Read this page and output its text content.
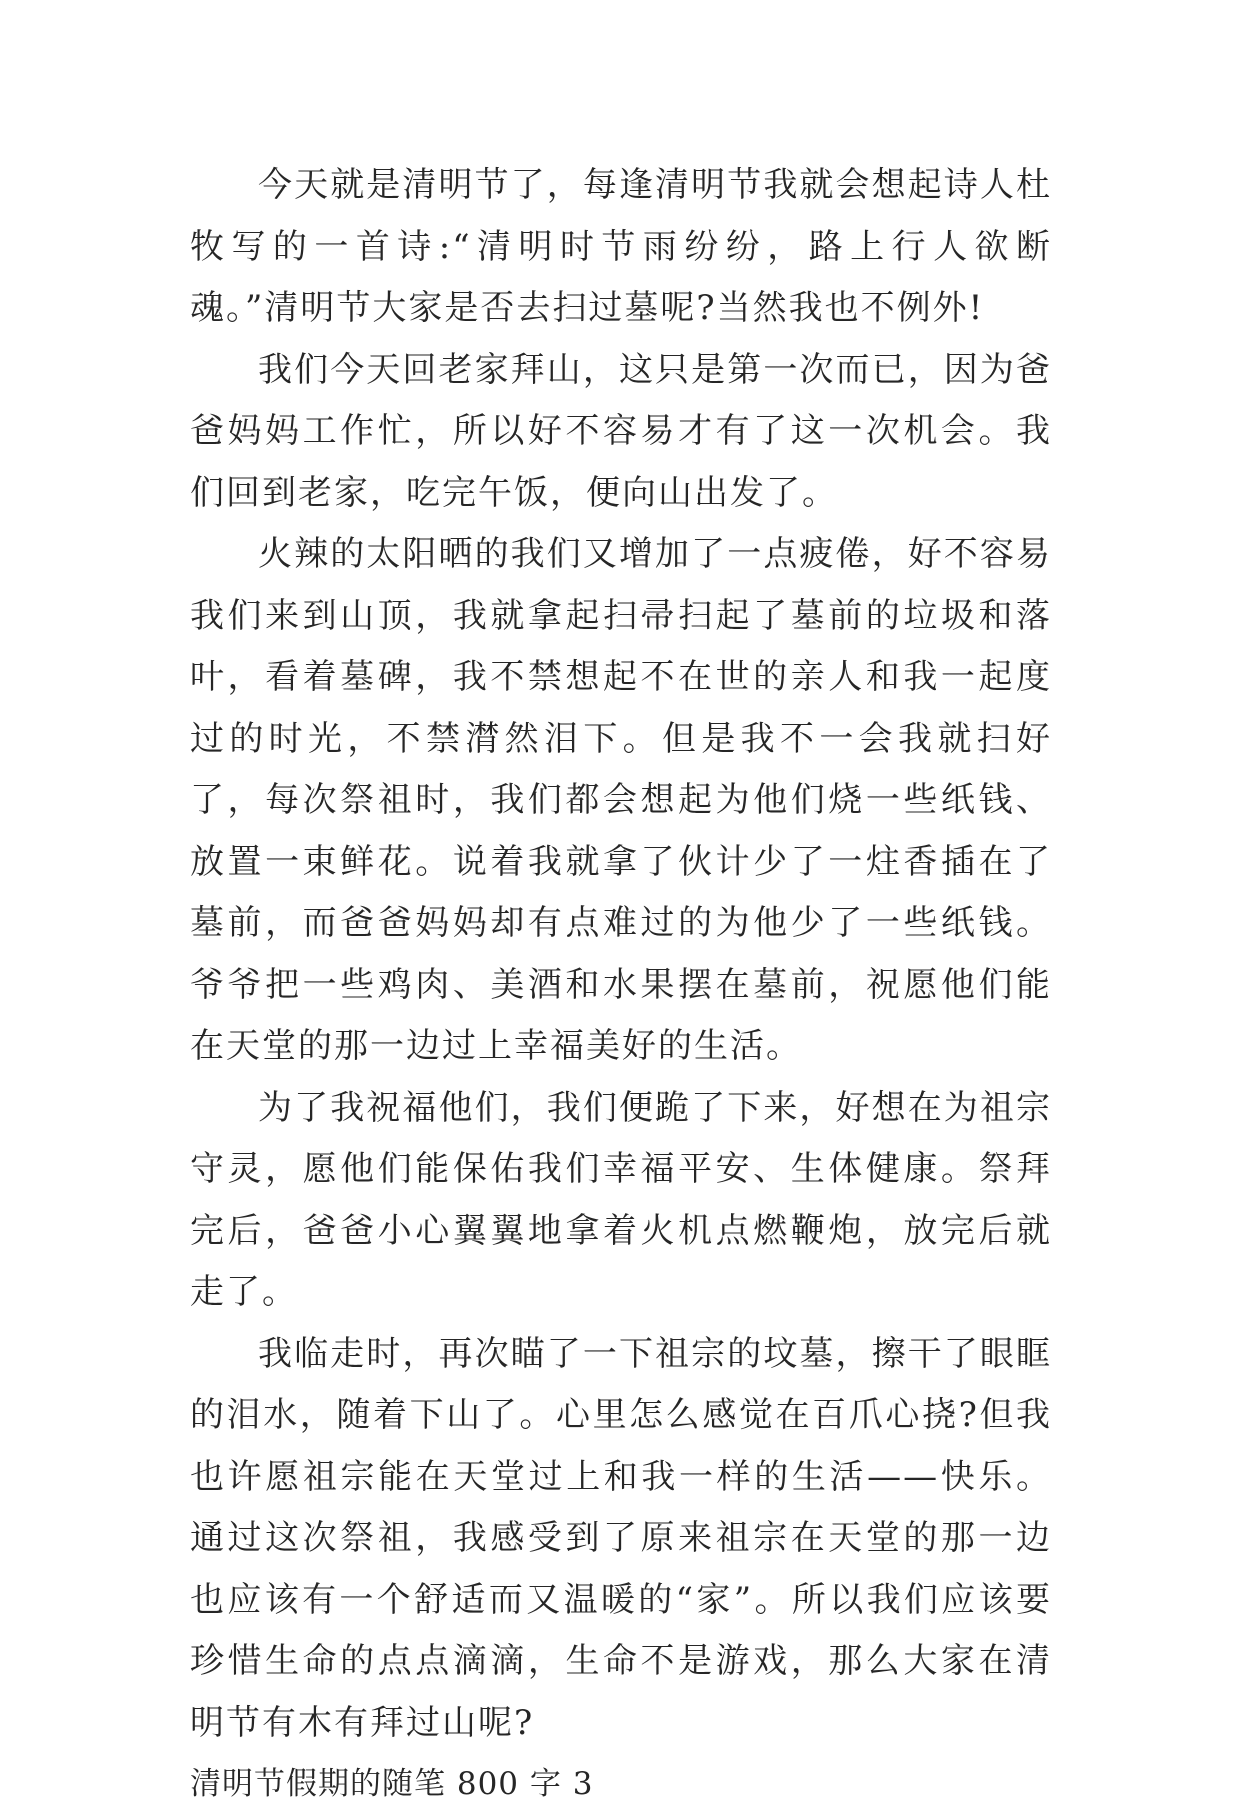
今天就是清明节了，每逢清明节我就会想起诗人杜牧写的一首诗:“清明时节雨纷纷，路上行人欲断魂。”清明节大家是否去扫过墓呢?当然我也不例外!

我们今天回老家拜山，这只是第一次而已，因为爸爸妈妈工作忙，所以好不容易才有了这一次机会。我们回到老家，吃完午饭，便向山出发了。

火辣的太阳晒的我们又增加了一点疲倦，好不容易我们来到山顶，我就拿起扫帚扫起了墓前的垃圾和落叶，看着墓碑，我不禁想起不在世的亲人和我一起度过的时光，不禁潸然泪下。但是我不一会我就扫好了，每次祭祖时，我们都会想起为他们烧一些纸钱、放置一束鲜花。说着我就拿了伙计少了一炷香插在了墓前，而爸爸妈妈却有点难过的为他少了一些纸钱。爷爷把一些鸡肉、美酒和水果摆在墓前，祝愿他们能在天堂的那一边过上幸福美好的生活。

为了我祝福他们，我们便跪了下来，好想在为祖宗守灵，愿他们能保佑我们幸福平安、生体健康。祭拜完后，爸爸小心翼翼地拿着火机点燃鞭炮，放完后就走了。

我临走时，再次瞄了一下祖宗的坟墓，擦干了眼眶的泪水，随着下山了。心里怎么感觉在百爪心挠?但我也许愿祖宗能在天堂过上和我一样的生活——快乐。通过这次祭祖，我感受到了原来祖宗在天堂的那一边也应该有一个舒适而又温暖的“家”。所以我们应该要珍惜生命的点点滴滴，生命不是游戏，那么大家在清明节有木有拜过山呢?

清明节假期的随笔 800 字 3
